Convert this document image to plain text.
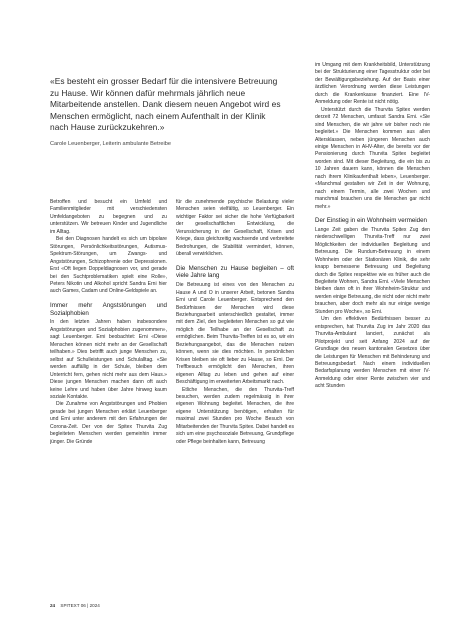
«Es besteht ein grosser Bedarf für die intensivere Betreuung zu Hause. Wir können dafür mehrmals jährlich neue Mitarbeitende anstellen. Dank diesem neuen Angebot wird es Menschen ermöglicht, nach einem Aufenthalt in der Klinik nach Hause zurückzukehren.»

Carole Leuenberger, Leiterin ambulante Betreibe

Betroffen und besucht ein Umfeld und Familienmitglieder mit verschiedensten Umfeldangeboten zu begegnen und zu unterstützen. Wir betreuen Kinder und Jugendliche im Alltag.

Bei den Diagnosen handelt es sich um bipolare Störungen, Persönlichkeitsstörungen, Autismus-Spektrum-Störungen, um Zwangs- und Angststörungen, Schizophrenie oder Depressionen. Erst «Oft liegen Doppeldiagnosen vor, und gerade bei den Suchtproblematiken spielt eine Rolle», Peters Nikotin und Alkohol spricht Sandra Erni hier auch Games, Cadam und Online-Geldspiele an.

Immer mehr Angststörungen und Sozialphobien

In den letzten Jahren haben insbesondere Angststörungen und Sozialphobien zugenommen», sagt Leuenberger. Erni beobachtet: Erni «Diese Menschen können nicht mehr an der Gesellschaft teilhaben.» Dies betrifft auch junge Menschen zu, selbst auf Schulleistungen und Schulalltag. «Sie werden auffällig in der Schule, bleiben dem Unterricht fern, gehen nicht mehr aus dem Haus.» Diese jungen Menschen machen dann oft auch keine Lehre und haben über Jahre hinweg kaum soziale Kontakte.

Die Zunahme von Angststörungen und Phobien gerade bei jungen Menschen erklärt Leuenberger und Erni unter anderem mit den Erfahrungen der Corona-Zeit. Der von der Spitex Thurvita Zug begleiteten Menschen werden gemeinhin immer jünger. Die Gründe

für die zunehmende psychische Belastung vieler Menschen seien vielfältig, so Leuenberger. Ein wichtiger Faktor sei sicher die hohe Verfügbarkeit der gesellschaftlichen Entwicklung, die Verunsicherung in der Gesellschaft, Krisen und Kriege, dass gleichzeitig wachsende und verbreitete Bedrohungen, die Stabilität vermindert, können, überall verwirklichen.

Die Menschen zu Hause begleiten – oft viele Jahre lang

Die Betreuung ist eines von den Menschen zu Hause A und O in unserer Arbeit, betonen Sandra Erni und Carole Leuenberger. Entsprechend den Bedürfnissen der Menschen wird diese Beziehungsarbeit unterschiedlich gestaltet, immer mit dem Ziel, den begleiteten Menschen so gut wie möglich die Teilhabe an der Gesellschaft zu ermöglichen. Beim Thurvita-Treffen ist es so, wir ein Beziehungsangebot, das die Menschen nutzen können, wenn sie dies möchten. In persönlichen Krisen bleiben sie oft lieber zu Hause, so Erni. Der Treffbesuch ermöglicht den Menschen, ihren eigenen Alltag zu leben und gehen auf einer Beschäftigung im erweiterten Arbeitsmarkt nach.

Etliche Menschen, die den Thurvita-Treff besuchen, werden zudem regelmässig in ihrer eigenen Wohnung begleitet. Menschen, die ihre eigene Unterstützung benötigen, erhalten für maximal zwei Stunden pro Woche Besuch von Mitarbeitenden der Thurvita Spitex. Dabei handelt es sich um eine psychosoziale Betreuung, Grundpflege oder Pflege beinhalten kann, Betreuung

im Umgang mit dem Krankheitsbild, Unterstützung bei der Strukturierung einer Tagesstruktur oder bei der Bewältigungsbeziehung. Auf der Basis einer ärztlichen Verordnung werden diese Leistungen durch die Krankenkasse finanziert. Eine IV-Anmeldung oder Rente ist nicht nötig.

Unterstützt durch die Thurvita Spitex werden derzeit 72 Menschen, umfasst Sandra Erni. «Sie sind Menschen, die wir jahre wir bisher noch nie begleitet.» Die Menschen kommen aus allen Altersklassen, neben jüngeren Menschen auch einige Menschen in AHV-Alter, die bereits vor der Pensionierung durch Thurvita Spitex begleitet worden sind. Mit dieser Begleitung, die ein bis zu 10 Jahren dauern kann, können die Menschen nach ihrem Klinikaufenthalt leben», Leuenberger. «Manchmal gestalten wir Zeit in der Wohnung, nach einem Termin, alle zwei Wochen und manchmal brauchen uns die Menschen gar nicht mehr.»

Der Einstieg in ein Wohnheim vermeiden

Lange Zeit gaben die Thurvita Spitex Zug den niederschwelligen Thurvita-Treff nur zwei Möglichkeiten der individuellen Begleitung und Betreuung. Die Rundum-Betreuung in einem Wohnheim oder der Stationären Klinik, die sehr knapp bemessene Betreuung und Begleitung durch die Spitex respektive wie es früher auch die Begleitete Wohnen, Sandra Erni. «Viele Menschen bleiben dann oft in ihrer Wohnheim-Struktur und werden einige Betreuung, die nicht oder nicht mehr brauchen, aber doch mehr als nur einige wenige Stunden pro Woche», so Erni.

Um den effektiven Bedürfnissen besser zu entsprechen, hat Thurvita Zug im Jahr 2020 das Thurvita-Ambulant lanciert, zunächst als Pilotprojekt und seit Anfang 2024 auf der Grundlage des neuen kantonalen Gesetzes über die Leistungen für Menschen mit Behinderung und Betreuungsbedarf. Nach einem individuellen Bedarfsplanung werden Menschen mit einer IV-Anmeldung oder einer Rente zwischen vier und acht Stunden

24 SPITEXT 06 | 2024
